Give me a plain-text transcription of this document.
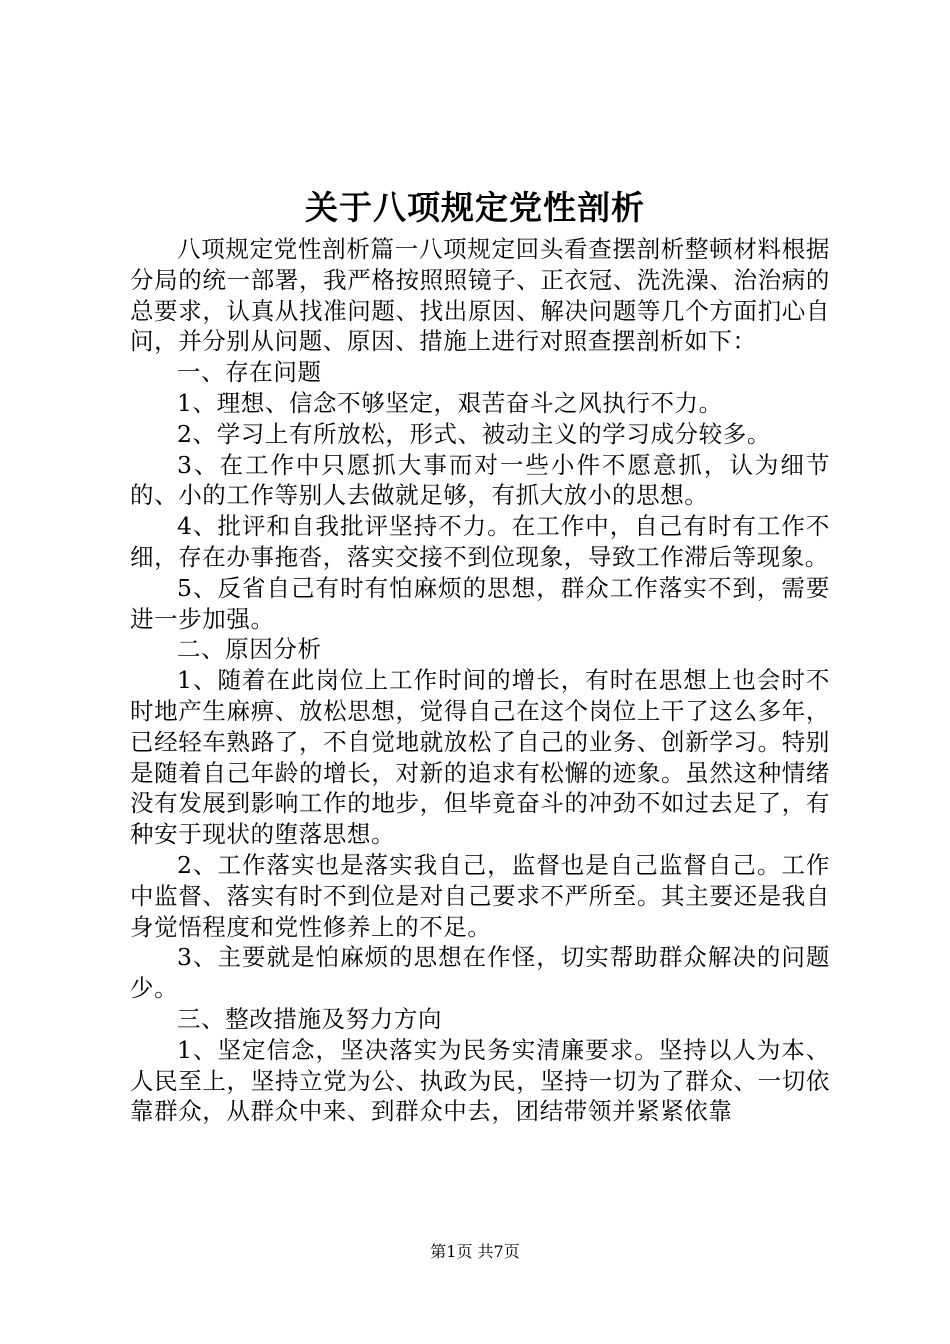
关于八项规定党性剖析

八项规定党性剖析篇一八项规定回头看查摆剖析整顿材料根据分局的统一部署，我严格按照照镜子、正衣冠、洗洗澡、治治病的总要求，认真从找准问题、找出原因、解决问题等几个方面扪心自问，并分别从问题、原因、措施上进行对照查摆剖析如下：

一、存在问题

1、理想、信念不够坚定，艰苦奋斗之风执行不力。

2、学习上有所放松，形式、被动主义的学习成分较多。

3、在工作中只愿抓大事而对一些小件不愿意抓，认为细节的、小的工作等别人去做就足够，有抓大放小的思想。

4、批评和自我批评坚持不力。在工作中，自己有时有工作不细，存在办事拖沓，落实交接不到位现象，导致工作滞后等现象。

5、反省自己有时有怕麻烦的思想，群众工作落实不到，需要进一步加强。

二、原因分析

1、随着在此岗位上工作时间的增长，有时在思想上也会时不时地产生麻痹、放松思想，觉得自己在这个岗位上干了这么多年，已经轻车熟路了，不自觉地就放松了自己的业务、创新学习。特别是随着自己年龄的增长，对新的追求有松懈的迹象。虽然这种情绪没有发展到影响工作的地步，但毕竟奋斗的冲劲不如过去足了，有种安于现状的堕落思想。

2、工作落实也是落实我自己，监督也是自己监督自己。工作中监督、落实有时不到位是对自己要求不严所至。其主要还是我自身觉悟程度和党性修养上的不足。

3、主要就是怕麻烦的思想在作怪，切实帮助群众解决的问题少。

三、整改措施及努力方向

1、坚定信念，坚决落实为民务实清廉要求。坚持以人为本、人民至上，坚持立党为公、执政为民，坚持一切为了群众、一切依靠群众，从群众中来、到群众中去，团结带领并紧紧依靠

第1页 共7页
